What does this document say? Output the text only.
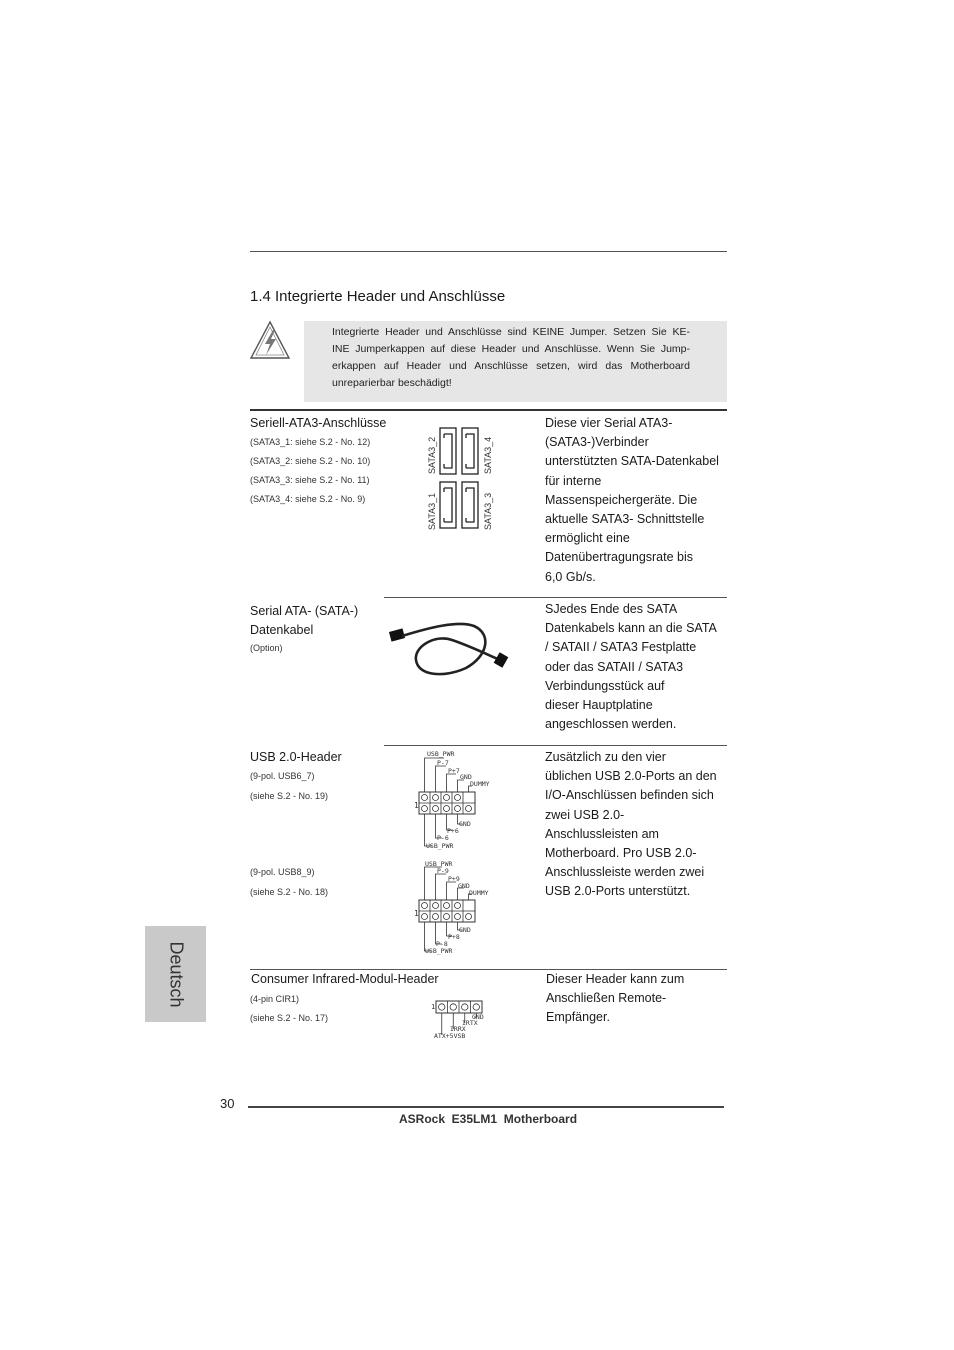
1.4 Integrierte Header und Anschlüsse
Integrierte Header und Anschlüsse sind KEINE Jumper. Setzen Sie KE-
INE Jumperkappen auf diese Header und Anschlüsse. Wenn Sie Jump-
erkappen auf Header und Anschlüsse setzen, wird das Motherboard
unreparierbar beschädigt!
Seriell-ATA3-Anschlüsse
(SATA3_1: siehe S.2 - No. 12)
(SATA3_2: siehe S.2 - No. 10)
(SATA3_3: siehe S.2 - No. 11)
(SATA3_4: siehe S.2 - No. 9)
SATA3_2	SATA3_4
SATA3_1	SATA3_3

Diese vier Serial ATA3-

(SATA3-)Verbinder

unterstützten SATA-Datenkabel

für interne

Massenspeichergeräte. Die

aktuelle SATA3- Schnittstelle

ermöglicht eine

Datenübertragungsrate bis

6,0 Gb/s.

Serial ATA- (SATA-)
Datenkabel
(Option)

SJedes Ende des SATA

Datenkabels kann an die SATA

/ SATAII / SATA3 Festplatte

oder das SATAII / SATA3

Verbindungsstück auf

dieser Hauptplatine

angeschlossen werden.

USB 2.0-Header
(9-pol. USB6_7)
(siehe S.2 - No. 19)
(9-pol. USB8_9)
(siehe S.2 - No. 18)
1
USB_PWR
P-7
P+7
GND
DUMMY
P+6
GND
P-6
USB_PWR
1
USB_PWR
P-9
P+9
GND
DUMMY
P+8
GND
P-8
USB_PWR

Zusätzlich zu den vier

üblichen USB 2.0-Ports an den

I/O-Anschlüssen befinden sich

zwei USB 2.0-

Anschlussleisten am

Motherboard. Pro USB 2.0-

Anschlussleiste werden zwei

USB 2.0-Ports unterstützt.

Consumer Infrared-Modul-Header
(4-pin CIR1)
(siehe S.2 - No. 17)
1
GND
IRTX
IRRX
ATX+5VSB

Dieser Header kann zum

Anschließen Remote-

Empfänger.

Deutsch
30
ASRock  E35LM1  Motherboard
